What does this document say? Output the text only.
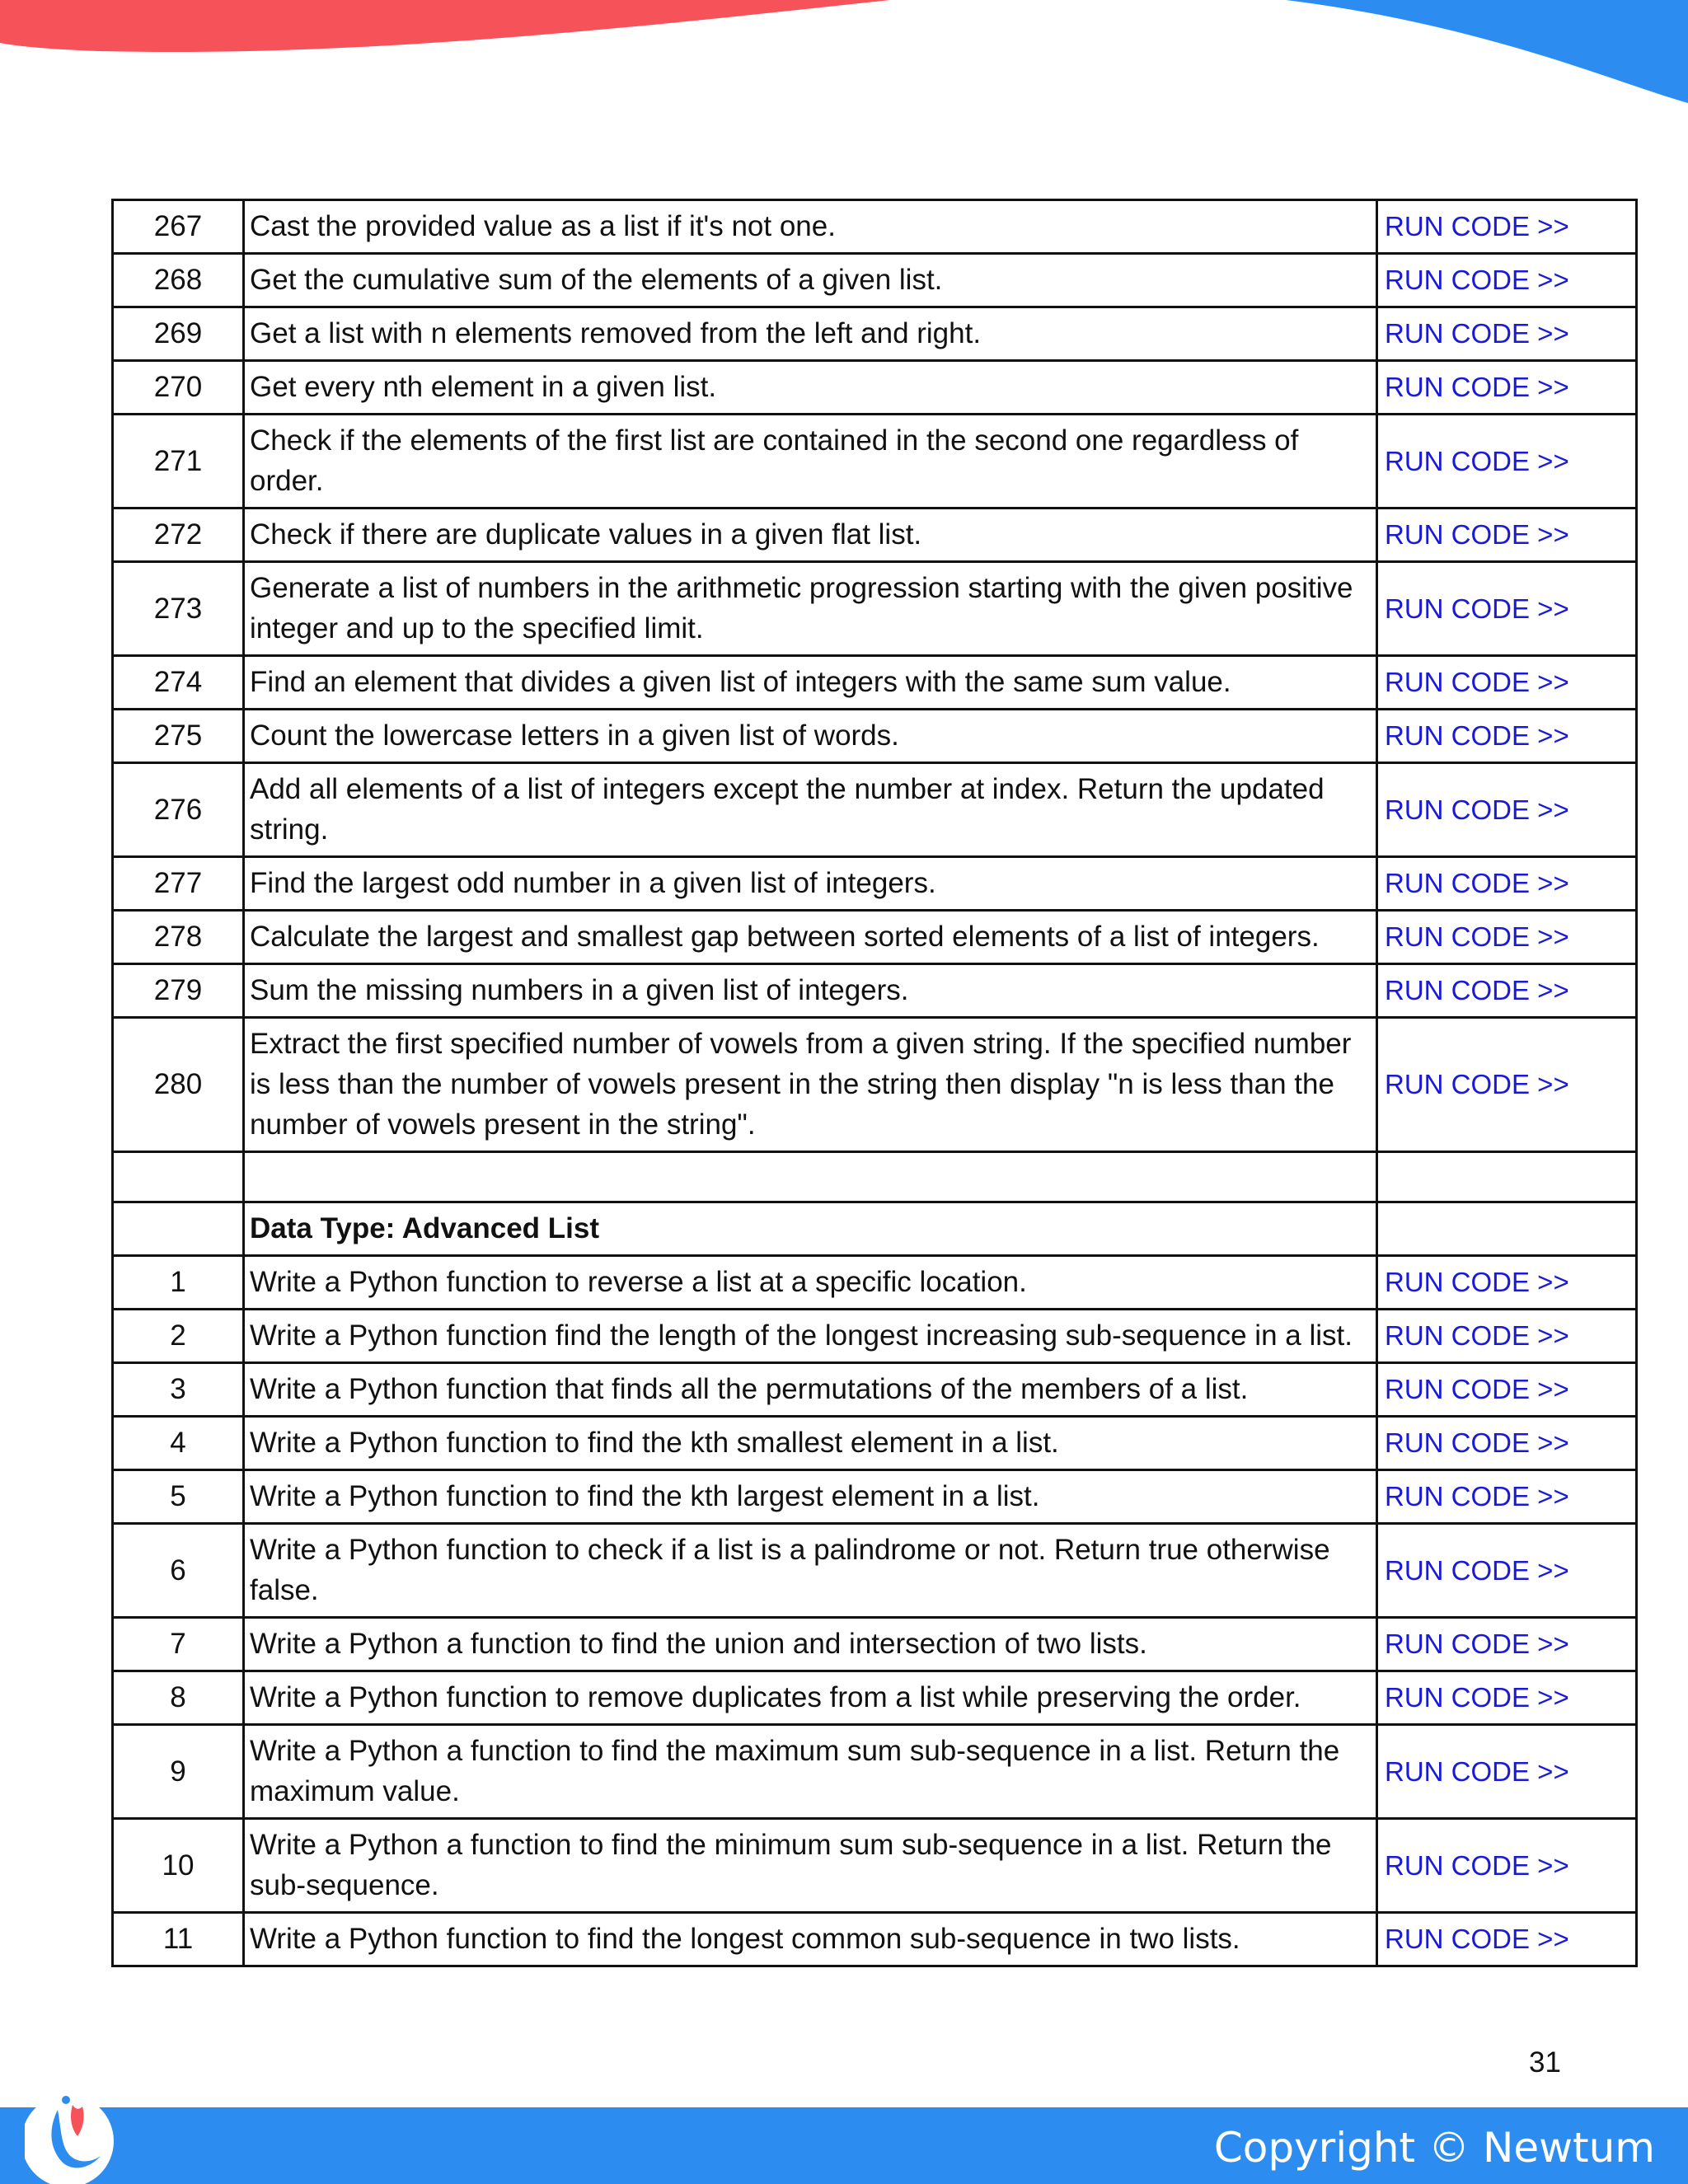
267	Cast the provided value as a list if it's not one.	RUN CODE >>
268	Get the cumulative sum of the elements of a given list.	RUN CODE >>
269	Get a list with n elements removed from the left and right.	RUN CODE >>
270	Get every nth element in a given list.	RUN CODE >>
271	Check if the elements of the first list are contained in the second one regardless of order.	RUN CODE >>
272	Check if there are duplicate values in a given flat list.	RUN CODE >>
273	Generate a list of numbers in the arithmetic progression starting with the given positive integer and up to the specified limit.	RUN CODE >>
274	Find an element that divides a given list of integers with the same sum value.	RUN CODE >>
275	Count the lowercase letters in a given list of words.	RUN CODE >>
276	Add all elements of a list of integers except the number at index. Return the updated string.	RUN CODE >>
277	Find the largest odd number in a given list of integers.	RUN CODE >>
278	Calculate the largest and smallest gap between sorted elements of a list of integers.	RUN CODE >>
279	Sum the missing numbers in a given list of integers.	RUN CODE >>
280	Extract the first specified number of vowels from a given string. If the specified number is less than the number of vowels present in the string then display "n is less than the number of vowels present in the string".	RUN CODE >>

	Data Type: Advanced List	
1	Write a Python function to reverse a list at a specific location.	RUN CODE >>
2	Write a Python function find the length of the longest increasing sub-sequence in a list.	RUN CODE >>
3	Write a Python function that finds all the permutations of the members of a list.	RUN CODE >>
4	Write a Python function to find the kth smallest element in a list.	RUN CODE >>
5	Write a Python function to find the kth largest element in a list.	RUN CODE >>
6	Write a Python function to check if a list is a palindrome or not. Return true otherwise false.	RUN CODE >>
7	Write a Python a function to find the union and intersection of two lists.	RUN CODE >>
8	Write a Python function to remove duplicates from a list while preserving the order.	RUN CODE >>
9	Write a Python a function to find the maximum sum sub-sequence in a list. Return the maximum value.	RUN CODE >>
10	Write a Python a function to find the minimum sum sub-sequence in a list. Return the sub-sequence.	RUN CODE >>
11	Write a Python function to find the longest common sub-sequence in two lists.	RUN CODE >>
31
Copyright © Newtum
